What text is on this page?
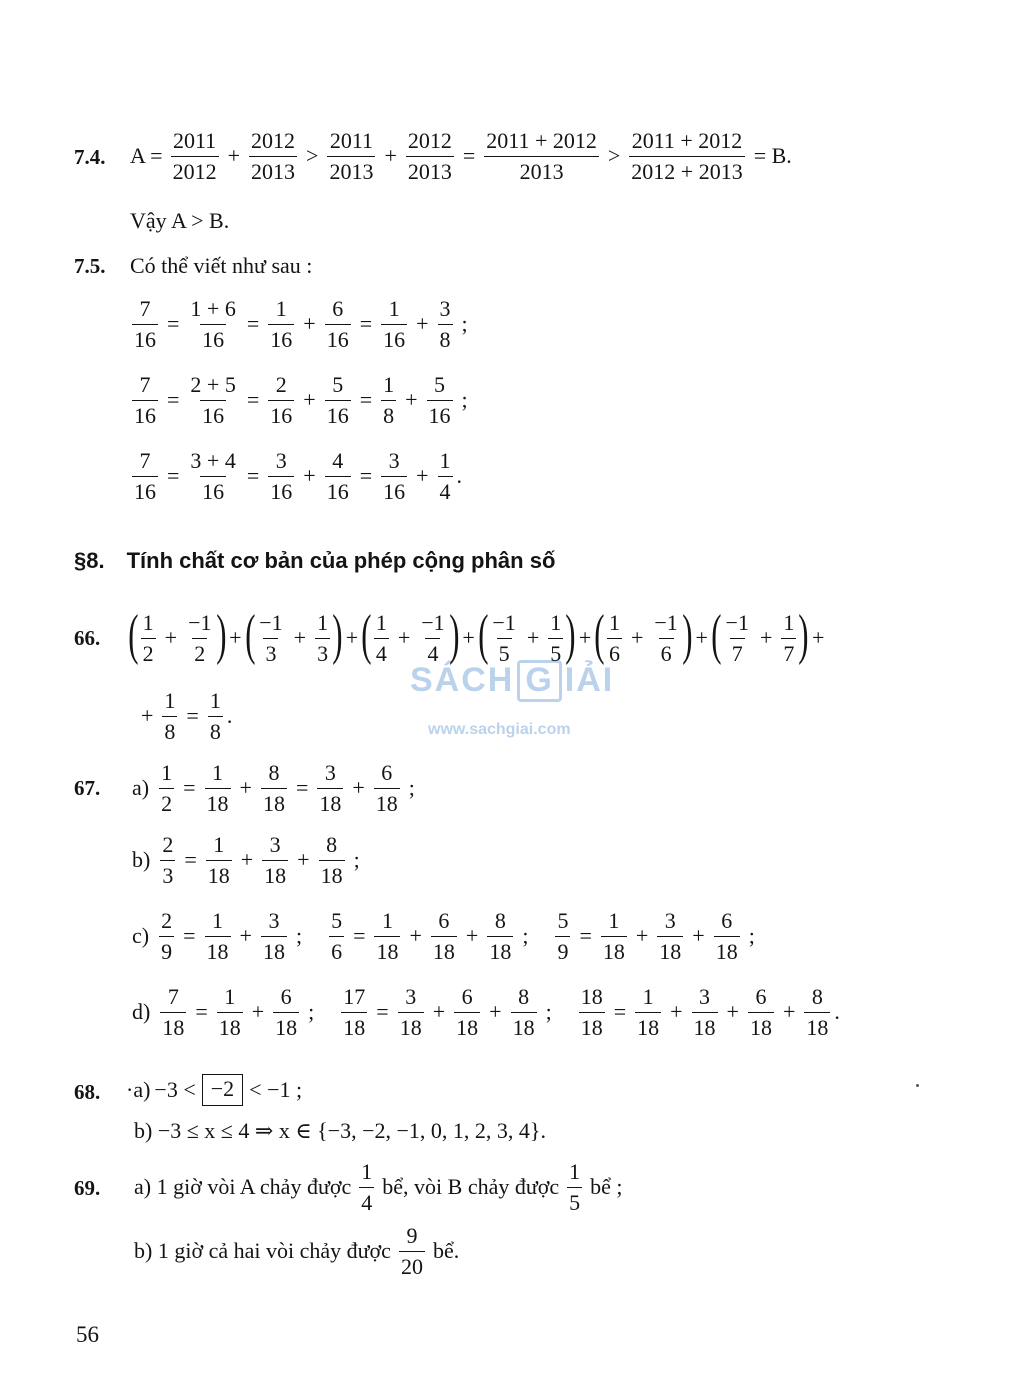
7.4. $A = \frac{2011}{2012} + \frac{2012}{2013}$ >
2011
2013
+ $\frac{2012}{2013} = \frac{2011 + 2012}{2013} > \frac{2011 + 2012}{2012 + 2013} = B$.
Vậy A > B.
7.5. Có thể viết như sau :
$\frac{7}{16} = \frac{1 + 6}{16} = \frac{1}{16} + \frac{6}{16} = \frac{1}{16} + \frac{3}{8}$ ;
$\frac{7}{16} = \frac{2 + 5}{16} = \frac{2}{16} + \frac{5}{16} = \frac{1}{8} + \frac{5}{16}$ ;
$\frac{7}{16} = \frac{3 + 4}{16} = \frac{3}{16} + \frac{4}{16} = \frac{3}{16} + \frac{1}{4}$ .
§8. Tính chất cơ bản của phép cộng phân số
SÁCH G IẢI
www.sachgiai.com
66. ( 1
2
+ $\frac{-1}{2}$ ) + ( −1
3
+ $\frac{1}{3}$ ) + ( 1
4
+ $\frac{-1}{4}$ ) + ( −1
5
+ $\frac{1}{5}$ ) + ( 1
6
+ $\frac{-1}{6}$ ) + ( −1
7
+ $\frac{1}{7}$ ) +
+ $\frac{1}{8} = \frac{1}{8}$ .
67. $a) \frac{1}{2} = \frac{1}{18} + \frac{8}{18} = \frac{3}{18} + \frac{6}{18}$ ;
$b) \frac{2}{3} = \frac{1}{18} + \frac{3}{18} + \frac{8}{18}$ ;
$c) \frac{2}{9} = \frac{1}{18} + \frac{3}{18}$ ; $\frac{5}{6} = \frac{1}{18} + \frac{6}{18} + \frac{8}{18}$ ; $\frac{5}{9} = \frac{1}{18} + \frac{3}{18} + \frac{6}{18}$ ;
$d) \frac{7}{18} = \frac{1}{18} + \frac{6}{18}$ ; $\frac{17}{18} = \frac{3}{18} + \frac{6}{18} + \frac{8}{18}$ ; $\frac{18}{18} = \frac{1}{18} + \frac{3}{18} + \frac{6}{18} + \frac{8}{18}$ .
68. ·a) −3 < −2 < −1 ;
b) −3 ≤ x ≤ 4 ⇒ x ∈ {−3, −2, −1, 0, 1, 2, 3, 4}.
69. a) 1 giờ vòi A chảy được
1
4
bể, vòi B chảy được
1
5
bể ;
b) 1 giờ cả hai vòi chảy được
9
20
bể.
56
